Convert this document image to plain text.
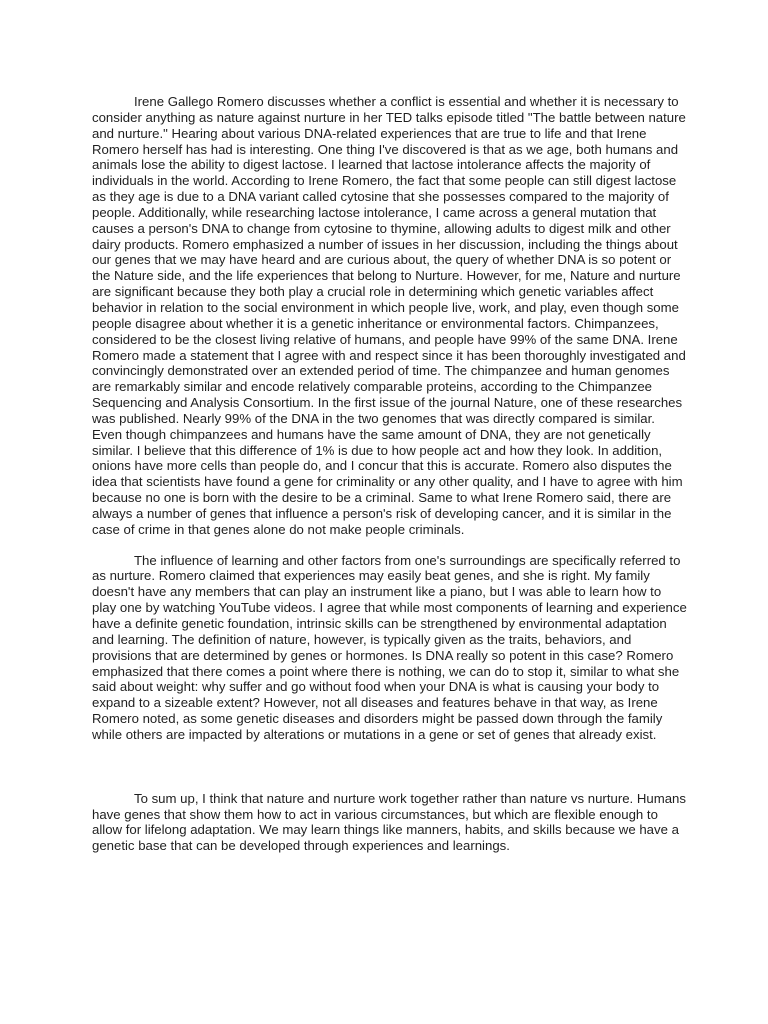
Irene Gallego Romero discusses whether a conflict is essential and whether it is necessary to consider anything as nature against nurture in her TED talks episode titled "The battle between nature and nurture." Hearing about various DNA-related experiences that are true to life and that Irene Romero herself has had is interesting. One thing I've discovered is that as we age, both humans and animals lose the ability to digest lactose. I learned that lactose intolerance affects the majority of individuals in the world. According to Irene Romero, the fact that some people can still digest lactose as they age is due to a DNA variant called cytosine that she possesses compared to the majority of people. Additionally, while researching lactose intolerance, I came across a general mutation that causes a person's DNA to change from cytosine to thymine, allowing adults to digest milk and other dairy products. Romero emphasized a number of issues in her discussion, including the things about our genes that we may have heard and are curious about, the query of whether DNA is so potent or the Nature side, and the life experiences that belong to Nurture. However, for me, Nature and nurture are significant because they both play a crucial role in determining which genetic variables affect behavior in relation to the social environment in which people live, work, and play, even though some people disagree about whether it is a genetic inheritance or environmental factors. Chimpanzees, considered to be the closest living relative of humans, and people have 99% of the same DNA. Irene Romero made a statement that I agree with and respect since it has been thoroughly investigated and convincingly demonstrated over an extended period of time. The chimpanzee and human genomes are remarkably similar and encode relatively comparable proteins, according to the Chimpanzee Sequencing and Analysis Consortium. In the first issue of the journal Nature, one of these researches was published. Nearly 99% of the DNA in the two genomes that was directly compared is similar. Even though chimpanzees and humans have the same amount of DNA, they are not genetically similar. I believe that this difference of 1% is due to how people act and how they look. In addition, onions have more cells than people do, and I concur that this is accurate. Romero also disputes the idea that scientists have found a gene for criminality or any other quality, and I have to agree with him because no one is born with the desire to be a criminal. Same to what Irene Romero said, there are always a number of genes that influence a person's risk of developing cancer, and it is similar in the case of crime in that genes alone do not make people criminals.

The influence of learning and other factors from one's surroundings are specifically referred to as nurture. Romero claimed that experiences may easily beat genes, and she is right. My family doesn't have any members that can play an instrument like a piano, but I was able to learn how to play one by watching YouTube videos. I agree that while most components of learning and experience have a definite genetic foundation, intrinsic skills can be strengthened by environmental adaptation and learning. The definition of nature, however, is typically given as the traits, behaviors, and provisions that are determined by genes or hormones. Is DNA really so potent in this case? Romero emphasized that there comes a point where there is nothing, we can do to stop it, similar to what she said about weight: why suffer and go without food when your DNA is what is causing your body to expand to a sizeable extent? However, not all diseases and features behave in that way, as Irene Romero noted, as some genetic diseases and disorders might be passed down through the family while others are impacted by alterations or mutations in a gene or set of genes that already exist.

To sum up, I think that nature and nurture work together rather than nature vs nurture. Humans have genes that show them how to act in various circumstances, but which are flexible enough to allow for lifelong adaptation. We may learn things like manners, habits, and skills because we have a genetic base that can be developed through experiences and learnings.
